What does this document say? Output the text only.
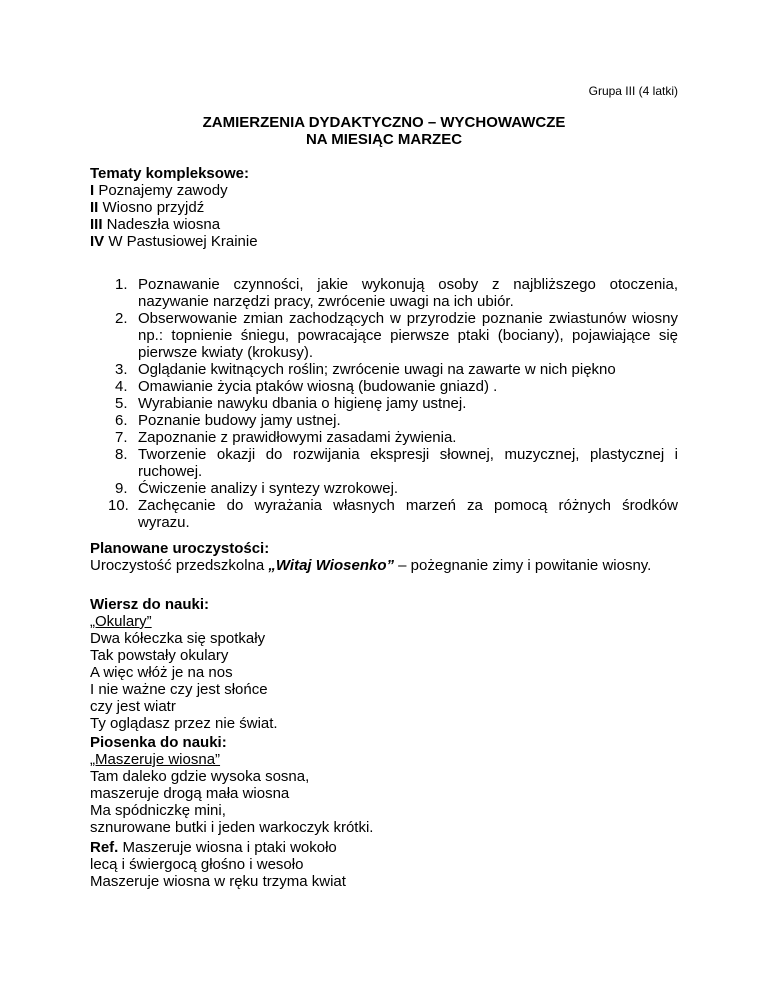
Grupa III (4 latki)
ZAMIERZENIA DYDAKTYCZNO – WYCHOWAWCZE
NA MIESIĄC MARZEC
Tematy kompleksowe:
I Poznajemy zawody
II Wiosno przyjdź
III Nadeszła wiosna
IV W Pastusiowej Krainie
1. Poznawanie czynności, jakie wykonują osoby z najbliższego otoczenia, nazywanie narzędzi pracy, zwrócenie uwagi na ich ubiór.
2. Obserwowanie zmian zachodzących w przyrodzie poznanie zwiastunów wiosny np.: topnienie śniegu, powracające pierwsze ptaki (bociany), pojawiające się pierwsze kwiaty (krokusy).
3. Oglądanie kwitnących roślin; zwrócenie uwagi na zawarte w nich piękno
4. Omawianie życia ptaków wiosną (budowanie gniazd) .
5. Wyrabianie nawyku dbania o higienę jamy ustnej.
6. Poznanie budowy jamy ustnej.
7. Zapoznanie z prawidłowymi zasadami żywienia.
8. Tworzenie okazji do rozwijania ekspresji słownej, muzycznej, plastycznej i ruchowej.
9. Ćwiczenie analizy i syntezy wzrokowej.
10. Zachęcanie do wyrażania własnych marzeń za pomocą różnych środków wyrazu.
Planowane uroczystości:
Uroczystość przedszkolna „Witaj Wiosenko” – pożegnanie zimy i powitanie wiosny.
Wiersz do nauki:
„Okulary”
Dwa kółeczka się spotkały
Tak powstały okulary
A więc włóż je na nos
I nie ważne czy jest słońce
czy jest wiatr
Ty oglądasz przez nie świat.
Piosenka do nauki:
„Maszeruje wiosna”
Tam daleko gdzie wysoka sosna,
maszeruje drogą mała wiosna
Ma spódniczkę mini,
sznurowane butki i jeden warkoczyk krótki.
Ref. Maszeruje wiosna i ptaki wokoło
lecą i świergocą głośno i wesoło
Maszeruje wiosna w ręku trzyma kwiat
